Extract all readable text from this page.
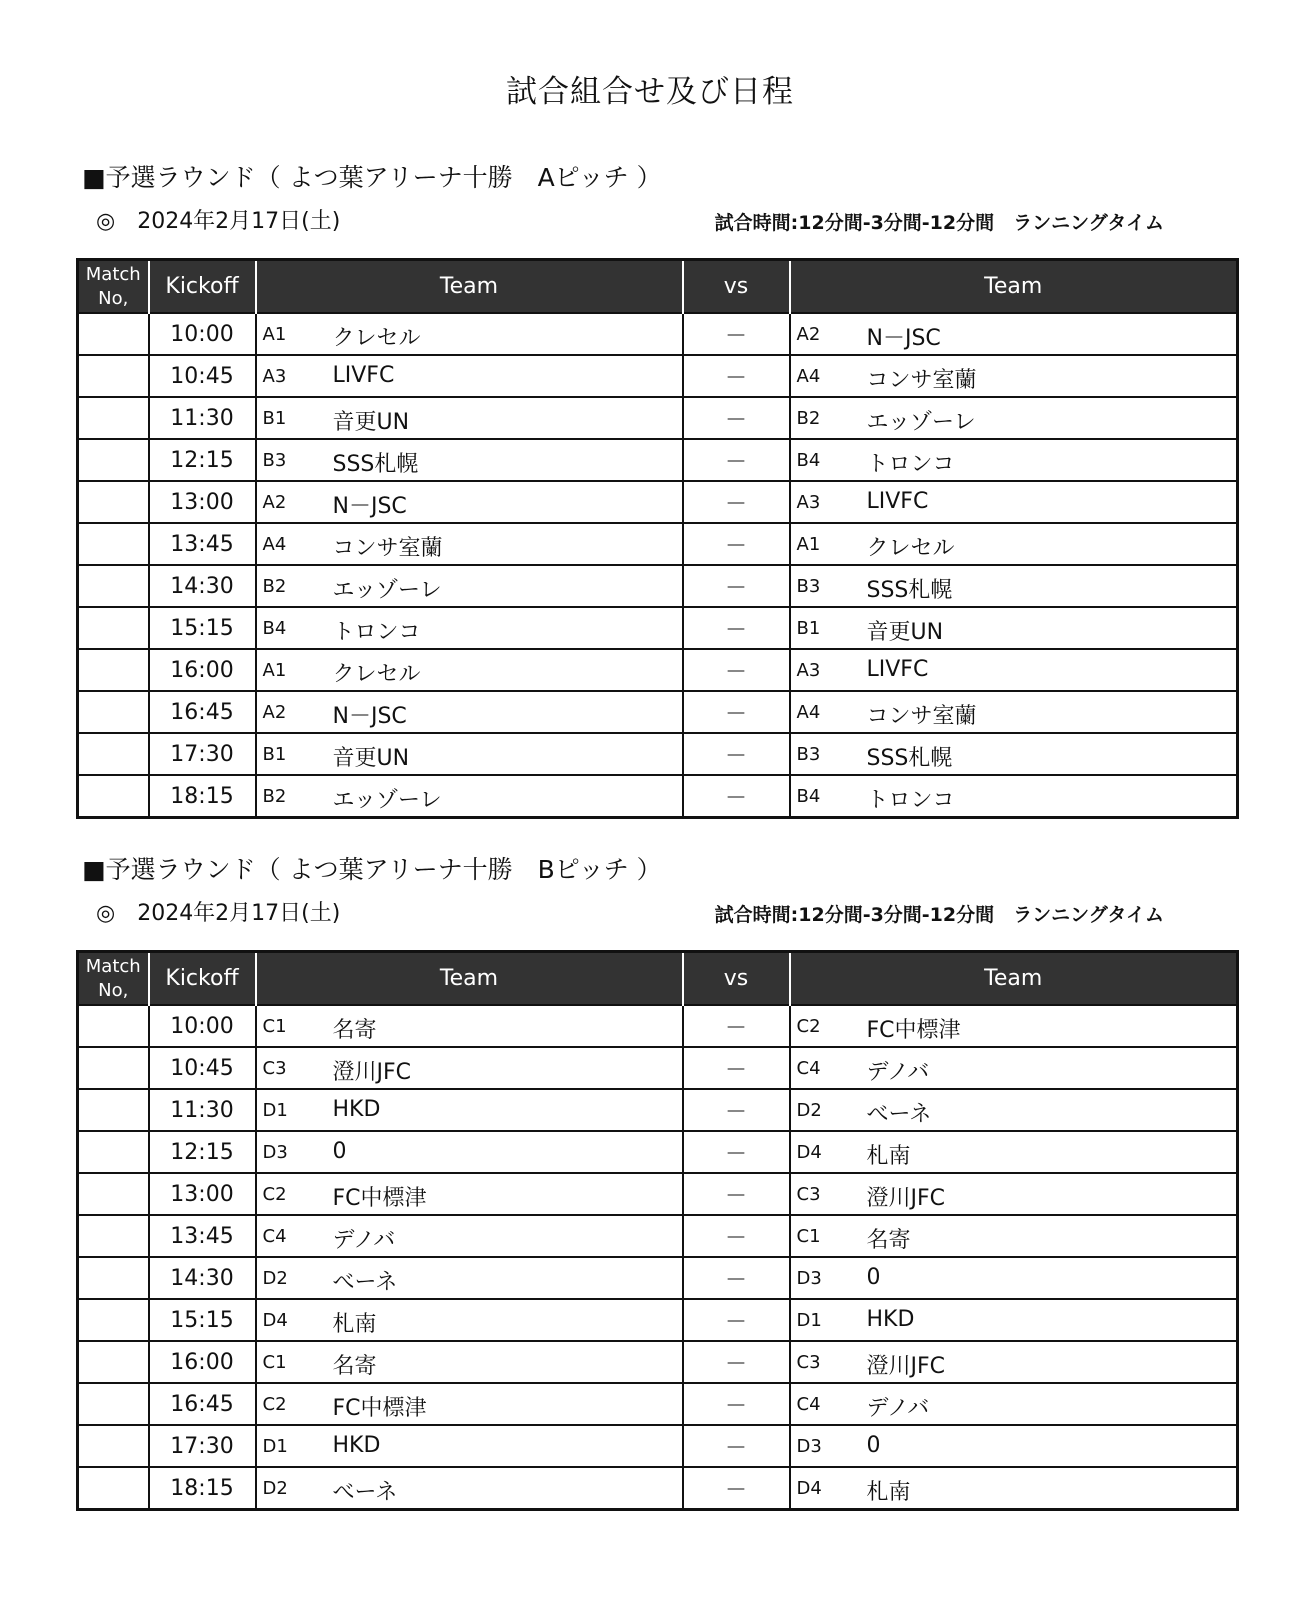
試合組合せ及び日程
■予選ラウンド（ よつ葉アリーナ十勝　Aピッチ ）
◎　2024年2月17日(土)	試合時間:12分間-3分間-12分間　ランニングタイム
Match No,	Kickoff	Team	vs	Team
	10:00	A1 クレセル	－	A2 N－JSC

	10:45	A3 LIVFC	－	A4 コンサ室蘭

	11:30	B1 音更UN	－	B2 エッゾーレ

	12:15	B3 SSS札幌	－	B4 トロンコ

	13:00	A2 N－JSC	－	A3 LIVFC

	13:45	A4 コンサ室蘭	－	A1 クレセル

	14:30	B2 エッゾーレ	－	B3 SSS札幌

	15:15	B4 トロンコ	－	B1 音更UN

	16:00	A1 クレセル	－	A3 LIVFC

	16:45	A2 N－JSC	－	A4 コンサ室蘭

	17:30	B1 音更UN	－	B3 SSS札幌

	18:15	B2 エッゾーレ	－	B4 トロンコ
■予選ラウンド（ よつ葉アリーナ十勝　Bピッチ ）
◎　2024年2月17日(土)	試合時間:12分間-3分間-12分間　ランニングタイム
Match No,	Kickoff	Team	vs	Team
	10:00	C1 名寄	－	C2 FC中標津

	10:45	C3 澄川JFC	－	C4 デノバ

	11:30	D1 HKD	－	D2 べーネ

	12:15	D3 0	－	D4 札南

	13:00	C2 FC中標津	－	C3 澄川JFC

	13:45	C4 デノバ	－	C1 名寄

	14:30	D2 べーネ	－	D3 0

	15:15	D4 札南	－	D1 HKD

	16:00	C1 名寄	－	C3 澄川JFC

	16:45	C2 FC中標津	－	C4 デノバ

	17:30	D1 HKD	－	D3 0

	18:15	D2 べーネ	－	D4 札南
